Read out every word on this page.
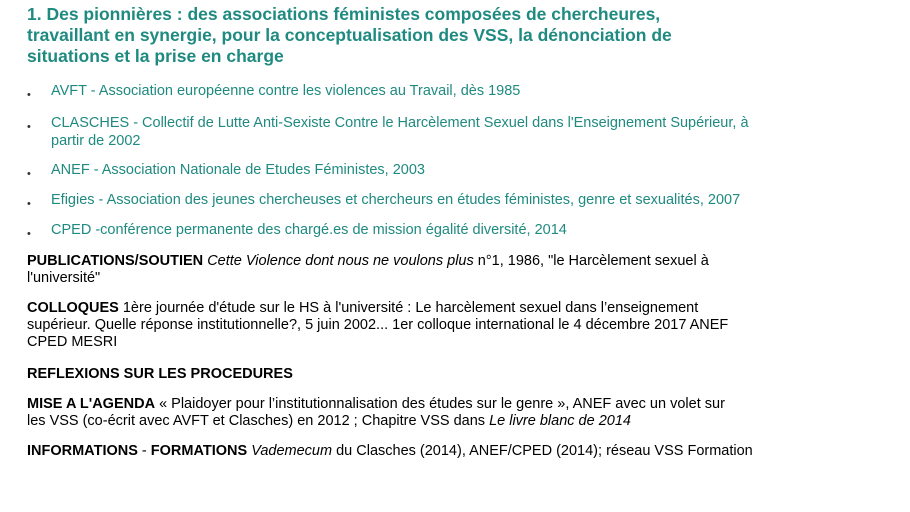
1. Des pionnières : des associations féministes composées de chercheures,
travaillant en synergie, pour la conceptualisation des VSS, la dénonciation de
situations et la prise en charge
• AVFT - Association européenne contre les violences au Travail, dès 1985
• CLASCHES - Collectif de Lutte Anti-Sexiste Contre le Harcèlement Sexuel dans l'Enseignement Supérieur, à
partir de 2002
• ANEF - Association Nationale de Etudes Féministes, 2003
• Efigies - Association des jeunes chercheuses et chercheurs en études féministes, genre et sexualités, 2007
• CPED -conférence permanente des chargé.es de mission égalité diversité, 2014
PUBLICATIONS/SOUTIEN Cette Violence dont nous ne voulons plus n°1, 1986, "le Harcèlement sexuel à
l'université"
COLLOQUES 1ère journée d'étude sur le HS à l'université : Le harcèlement sexuel dans l’enseignement
supérieur. Quelle réponse institutionnelle?, 5 juin 2002... 1er colloque international le 4 décembre 2017 ANEF
CPED MESRI
REFLEXIONS SUR LES PROCEDURES
MISE A L'AGENDA « Plaidoyer pour l’institutionnalisation des études sur le genre », ANEF avec un volet sur
les VSS (co-écrit avec AVFT et Clasches) en 2012 ; Chapitre VSS dans Le livre blanc de 2014
INFORMATIONS - FORMATIONS Vademecum du Clasches (2014), ANEF/CPED (2014); réseau VSS Formation
